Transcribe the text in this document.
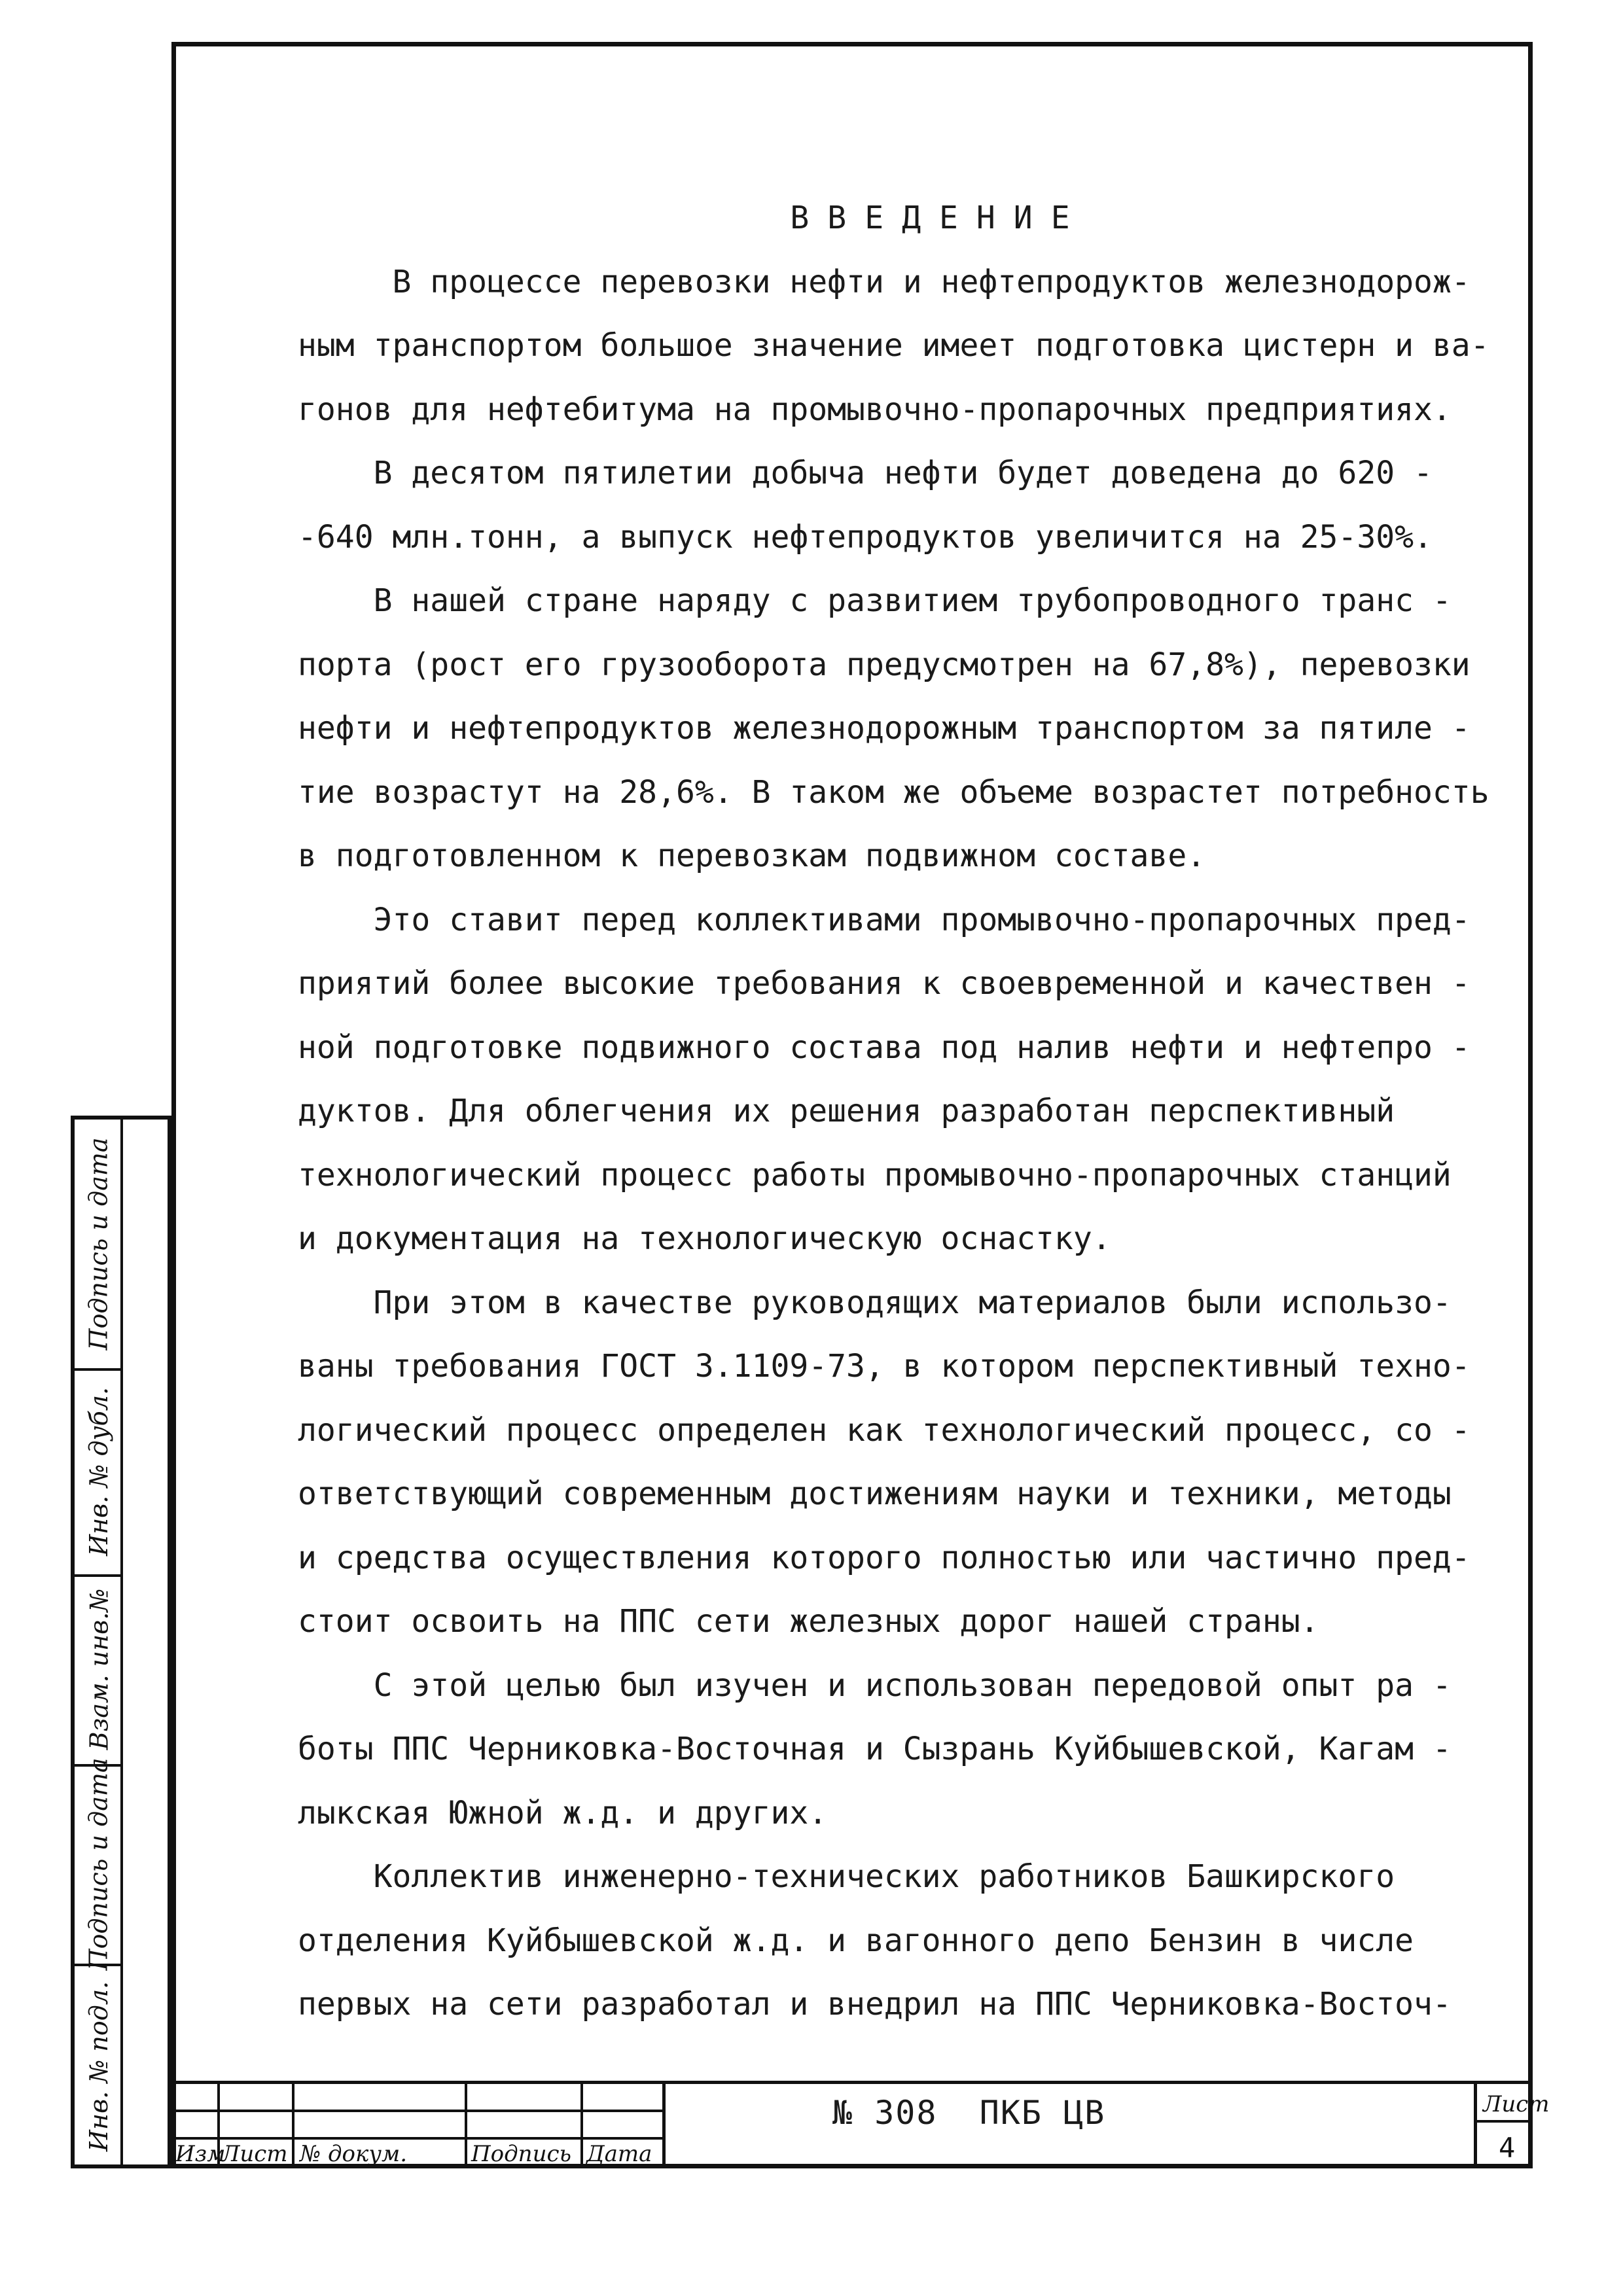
ВВЕДЕНИЕ
В процессе перевозки нефти и нефтепродуктов железнодорож-
ным транспортом большое значение имеет подготовка цистерн и ва-
гонов для нефтебитума на промывочно-пропарочных предприятиях.
В десятом пятилетии добыча нефти будет доведена до 620 -
-640 млн.тонн, а выпуск нефтепродуктов увеличится на 25-30%.
В нашей стране наряду с развитием трубопроводного транс -
порта (рост его грузооборота предусмотрен на 67,8%), перевозки
нефти и нефтепродуктов железнодорожным транспортом за пятиле -
тие возрастут на 28,6%. В таком же объеме возрастет потребность
в подготовленном к перевозкам подвижном составе.
Это ставит перед коллективами промывочно-пропарочных пред-
приятий более высокие требования к своевременной и качествен -
ной подготовке подвижного состава под налив нефти и нефтепро -
дуктов. Для облегчения их решения разработан перспективный
технологический процесс работы промывочно-пропарочных станций
и документация на технологическую оснастку.
При этом в качестве руководящих материалов были использо-
ваны требования ГОСТ 3.1109-73, в котором перспективный техно-
логический процесс определен как технологический процесс, со -
ответствующий современным достижениям науки и техники, методы
и средства осуществления которого полностью или частично пред-
стоит освоить на ППС сети железных дорог нашей страны.
С этой целью был изучен и использован передовой опыт ра -
боты ППС Черниковка-Восточная и Сызрань Куйбышевской, Кагам -
лыкская Южной ж.д. и других.
Коллектив инженерно-технических работников Башкирского
отделения Куйбышевской ж.д. и вагонного депо Бензин в числе
первых на сети разработал и внедрил на ППС Черниковка-Восточ-
Подпись и дата
Инв. № дубл.
Взам. инв.№
Подпись и дата
Инв. № подл.
Изм
Лист № докум.	Подпись Дата
№ 308  ПКБ ЦВ	Лист
4
